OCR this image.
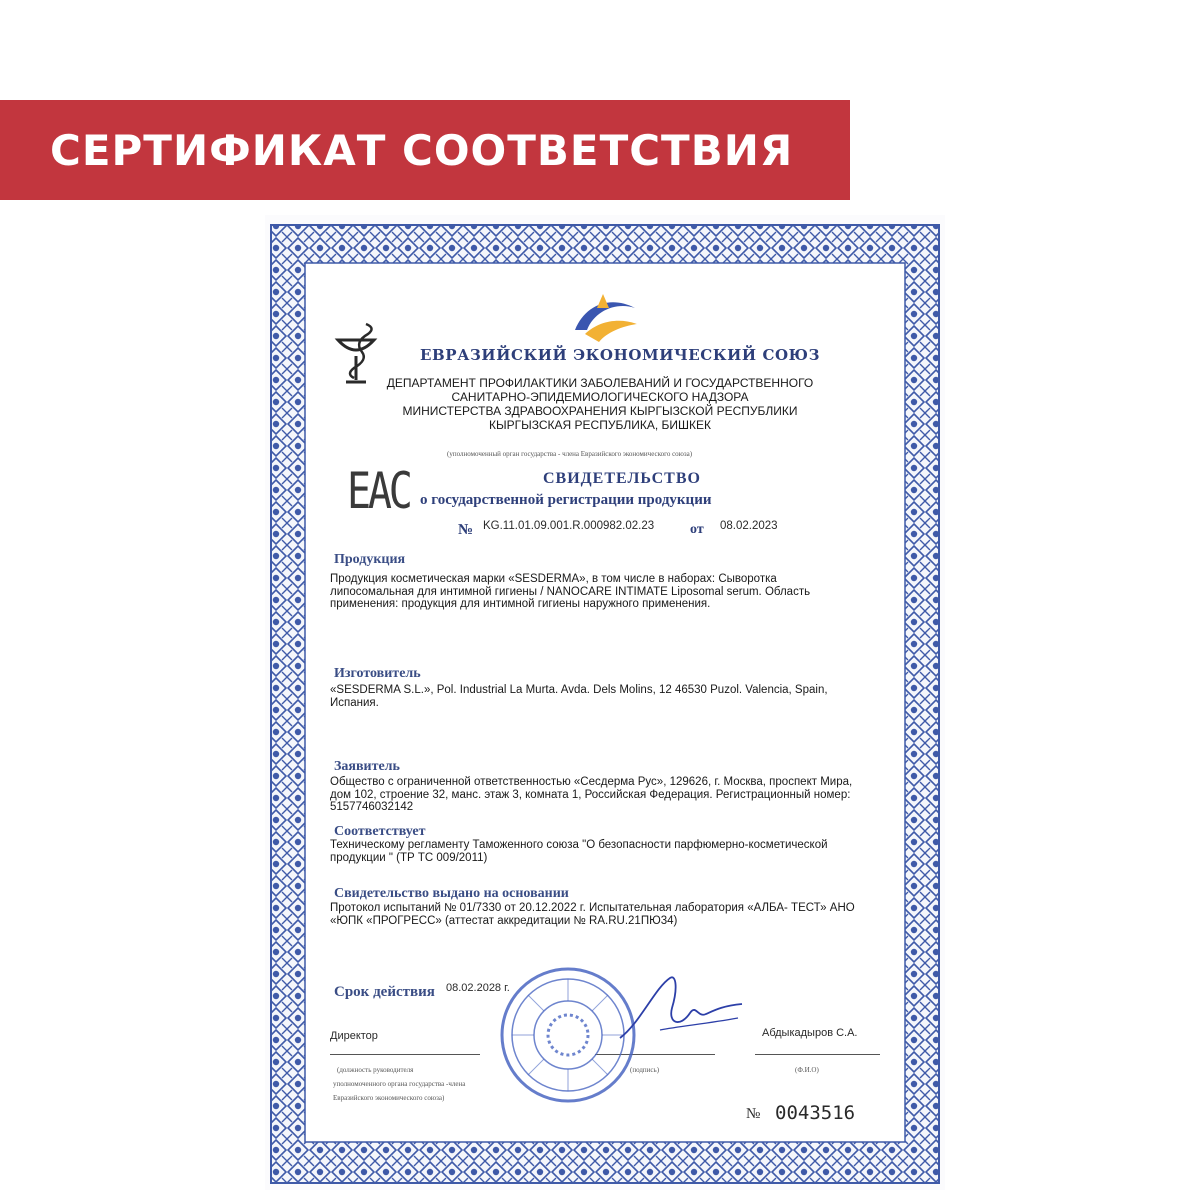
СЕРТИФИКАТ СООТВЕТСТВИЯ
ЕВРАЗИЙСКИЙ ЭКОНОМИЧЕСКИЙ СОЮЗ
ДЕПАРТАМЕНТ ПРОФИЛАКТИКИ ЗАБОЛЕВАНИЙ И ГОСУДАРСТВЕННОГО
САНИТАРНО-ЭПИДЕМИОЛОГИЧЕСКОГО НАДЗОРА
МИНИСТЕРСТВА ЗДРАВООХРАНЕНИЯ КЫРГЫЗСКОЙ РЕСПУБЛИКИ
КЫРГЫЗСКАЯ РЕСПУБЛИКА, БИШКЕК
(уполномоченный орган государства - члена Евразийского экономического союза)
EAC	СВИДЕТЕЛЬСТВО
о государственной регистрации продукции
№ KG.11.01.09.001.R.000982.02.23	от 08.02.2023
Продукция
Продукция косметическая марки «SESDERMA», в том числе в наборах: Сыворотка липосомальная для интимной гигиены / NANOCARE INTIMATE Liposomal serum. Область применения: продукция для интимной гигиены наружного применения.
Изготовитель
«SESDERMA S.L.», Pol. Industrial La Murta. Avda. Dels Molins, 12 46530 Puzol. Valencia, Spain, Испания.
Заявитель
Общество с ограниченной ответственностью «Сесдерма Рус», 129626, г. Москва, проспект Мира, дом 102, строение 32, манс. этаж 3, комната 1, Российская Федерация. Регистрационный номер: 5157746032142
Соответствует
Техническому регламенту Таможенного союза "О безопасности парфюмерно-косметической продукции " (ТР ТС 009/2011)
Свидетельство выдано на основании
Протокол испытаний № 01/7330 от 20.12.2022 г. Испытательная лаборатория «АЛБА- ТЕСТ» АНО «ЮПК «ПРОГРЕСС» (аттестат аккредитации № RA.RU.21ПЮ34)
Срок действия 08.02.2028 г.
Директор	Абдыкадыров С.А.
(должность руководителя
уполномоченного органа государства -члена
Евразийского экономического союза)
(подпись)	(Ф.И.О)
№ 0043516
